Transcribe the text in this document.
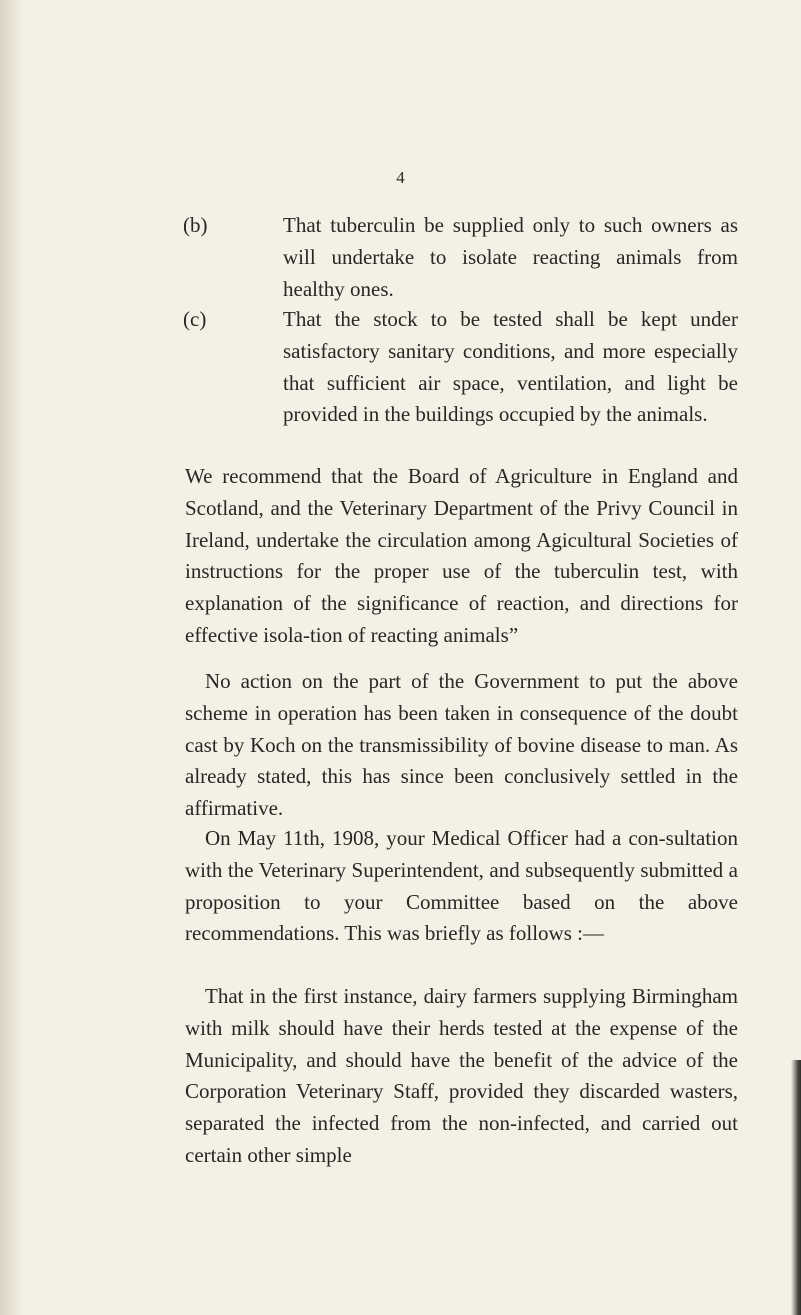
4
(b)	That tuberculin be supplied only to such owners as will undertake to isolate reacting animals from healthy ones.
(c)	That the stock to be tested shall be kept under satisfactory sanitary conditions, and more especially that sufficient air space, ventilation, and light be provided in the buildings occupied by the animals.
We recommend that the Board of Agriculture in England and Scotland, and the Veterinary Department of the Privy Council in Ireland, undertake the circulation among Agicultural Societies of instructions for the proper use of the tuberculin test, with explanation of the significance of reaction, and directions for effective isola-tion of reacting animals”
No action on the part of the Government to put the above scheme in operation has been taken in consequence of the doubt cast by Koch on the transmissibility of bovine disease to man. As already stated, this has since been conclusively settled in the affirmative.
On May 11th, 1908, your Medical Officer had a con-sultation with the Veterinary Superintendent, and subsequently submitted a proposition to your Committee based on the above recommendations. This was briefly as follows :—
That in the first instance, dairy farmers supplying Birmingham with milk should have their herds tested at the expense of the Municipality, and should have the benefit of the advice of the Corporation Veterinary Staff, provided they discarded wasters, separated the infected from the non-infected, and carried out certain other simple
